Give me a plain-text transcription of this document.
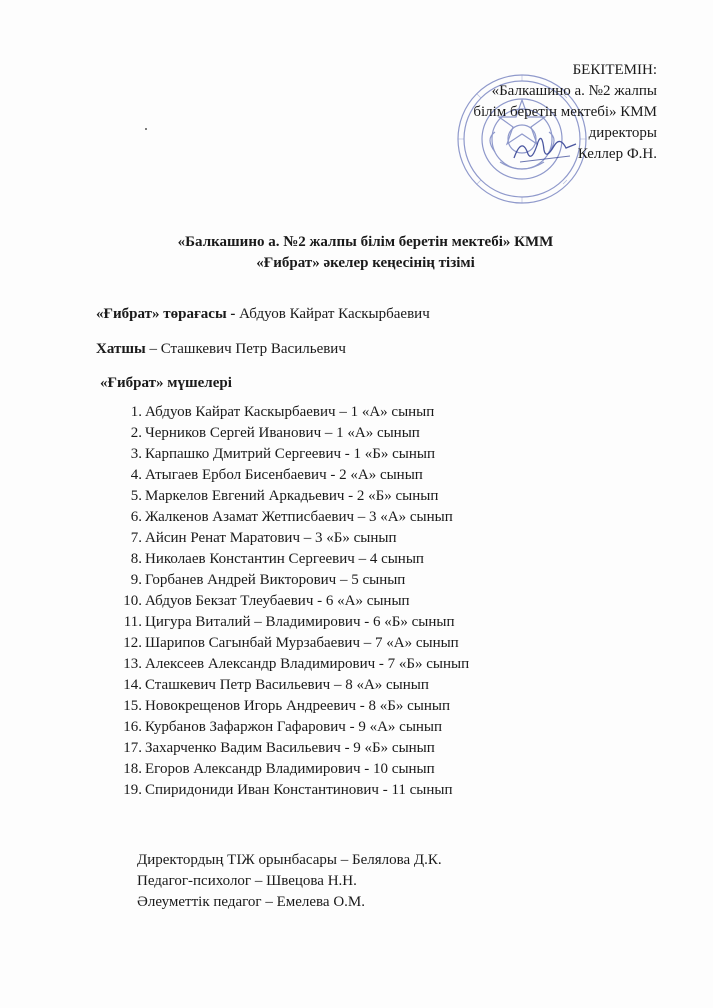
БЕКІТЕМІН:
«Балкашино а. №2 жалпы
білім беретін мектебі» КММ
директоры
Келлер Ф.Н.
«Балкашино а. №2 жалпы білім беретін мектебі» КММ
«Ғибрат» әкелер кеңесінің тізімі
«Ғибрат» төрағасы - Абдуов Кайрат Каскырбаевич
Хатшы – Сташкевич Петр Васильевич
«Ғибрат» мүшелері
1. Абдуов Кайрат Каскырбаевич – 1 «А» сынып
2. Черников Сергей Иванович – 1 «А» сынып
3. Карпашко Дмитрий Сергеевич - 1 «Б» сынып
4. Атыгаев Ербол Бисенбаевич - 2 «А» сынып
5. Маркелов Евгений Аркадьевич - 2 «Б» сынып
6. Жалкенов Азамат Жетписбаевич – 3 «А» сынып
7. Айсин Ренат Маратович – 3 «Б» сынып
8. Николаев Константин Сергеевич – 4 сынып
9. Горбанев Андрей Викторович – 5 сынып
10. Абдуов Бекзат Тлеубаевич - 6 «А» сынып
11. Цигура Виталий – Владимирович - 6 «Б» сынып
12. Шарипов Сагынбай Мурзабаевич – 7 «А» сынып
13. Алексеев Александр Владимирович - 7 «Б» сынып
14. Сташкевич Петр Васильевич – 8 «А» сынып
15. Новокрещенов Игорь Андреевич - 8 «Б» сынып
16. Курбанов Зафаржон Гафарович - 9 «А» сынып
17. Захарченко Вадим Васильевич - 9 «Б» сынып
18.Егоров Александр Владимирович - 10 сынып
19. Спиридониди Иван Константинович - 11 сынып
Директордың ТІЖ орынбасары – Белялова Д.К.
Педагог-психолог – Швецова Н.Н.
Әлеуметтік педагог – Емелева О.М.
